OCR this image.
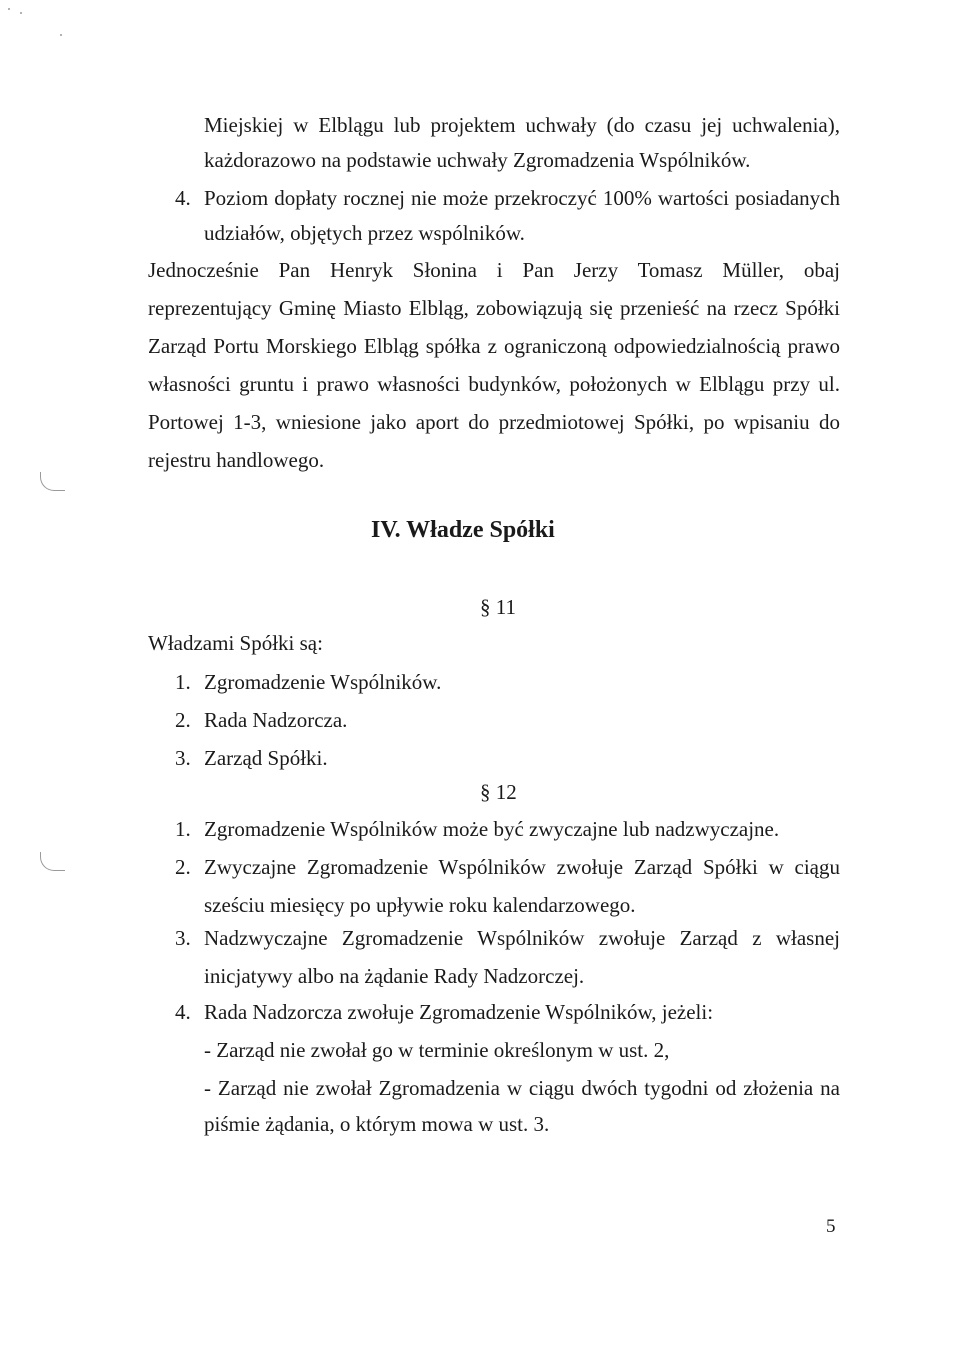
Miejskiej w Elblągu lub projektem uchwały (do czasu jej uchwalenia),
każdorazowo na podstawie uchwały Zgromadzenia Wspólników.
4. Poziom dopłaty rocznej nie może przekroczyć 100% wartości posiadanych
udziałów, objętych przez wspólników.
Jednocześnie Pan Henryk Słonina i Pan Jerzy Tomasz Müller, obaj
reprezentujący Gminę Miasto Elbląg, zobowiązują się przenieść na rzecz Spółki
Zarząd Portu Morskiego Elbląg spółka z ograniczoną odpowiedzialnością prawo
własności gruntu i prawo własności budynków, położonych w Elblągu przy ul.
Portowej 1-3, wniesione jako aport do przedmiotowej Spółki, po wpisaniu do
rejestru handlowego.
IV. Władze Spółki
§ 11
Władzami Spółki są:
1. Zgromadzenie Wspólników.
2. Rada Nadzorcza.
3. Zarząd Spółki.
§ 12
1. Zgromadzenie Wspólników może być zwyczajne lub nadzwyczajne.
2. Zwyczajne Zgromadzenie Wspólników zwołuje Zarząd Spółki w ciągu
sześciu miesięcy po upływie roku kalendarzowego.
3. Nadzwyczajne Zgromadzenie Wspólników zwołuje Zarząd z własnej
inicjatywy albo na żądanie Rady Nadzorczej.
4. Rada Nadzorcza zwołuje Zgromadzenie Wspólników, jeżeli:
- Zarząd nie zwołał go w terminie określonym w ust. 2,
- Zarząd nie zwołał Zgromadzenia w ciągu dwóch tygodni od złożenia na
piśmie żądania, o którym mowa w ust. 3.
5
